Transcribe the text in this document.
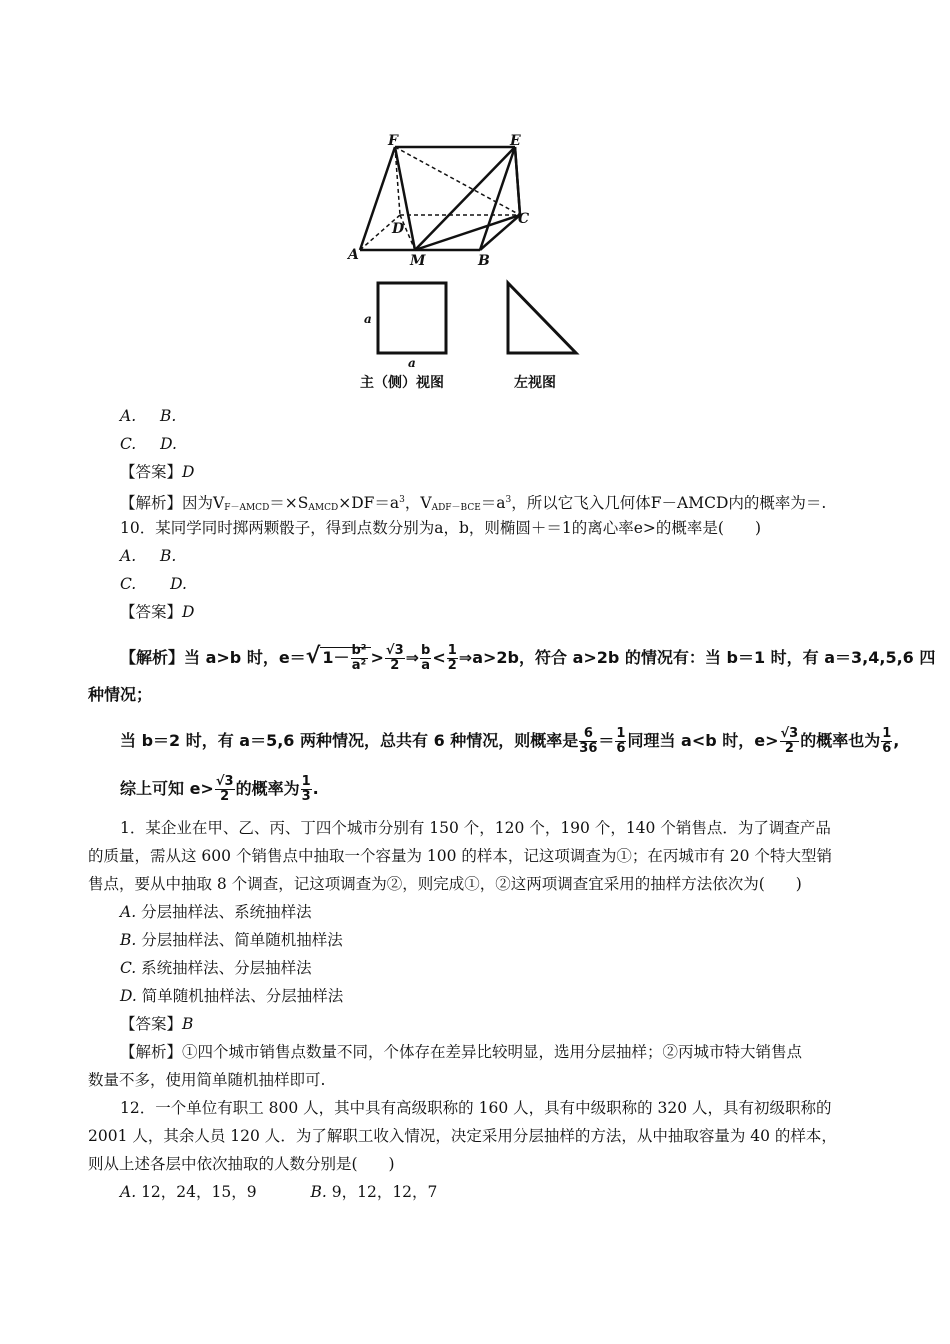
F	E
D
C
A	M	B
a
a
主（侧）视图	左视图
A. B.
C. D.
【答案】D
【解析】因为$V_{F-AMCD}=\times S_{AMCD}\times DF=a^3$，$V_{ADF-BCE}=a^3$，所以它飞入几何体F－AMCD内的概率为＝.
10．某同学同时掷两颗骰子，得到点数分别为a，b，则椭圆＋＝1的离心率e>的概率是(　　)
A. B.
C. D.
【答案】D
【解析】当 a>b 时，e＝√ $1- \frac{\text{b²}}{\text{a²}} > \frac{√3}{2}$ ⇒ $\frac{b}{a} < \frac{1}{2}$ ⇒a>2b，符合 a>2b 的情况有：当 b＝1 时，有 a＝3,4,5,6 四
种情况；
当 b＝2 时，有 a＝5,6 两种情况，总共有 6 种情况，则概率是 $\frac{6}{36} = \frac{1}{6}$ 同理当 a<b 时，$e> \frac{√3}{2}$ 的概率也为 $\frac{1}{6}$ ,
综上可知 $e> \frac{√3}{2}$ 的概率为 $\frac{1}{3}$ .
1．某企业在甲、乙、丙、丁四个城市分别有 150 个，120 个，190 个，140 个销售点．为了调查产品
的质量，需从这 600 个销售点中抽取一个容量为 100 的样本，记这项调查为①；在丙城市有 20 个特大型销
售点，要从中抽取 8 个调查，记这项调查为②，则完成①，②这两项调查宜采用的抽样方法依次为(　　)
A. 分层抽样法、系统抽样法
B. 分层抽样法、简单随机抽样法
C. 系统抽样法、分层抽样法
D. 简单随机抽样法、分层抽样法
【答案】B
【解析】①四个城市销售点数量不同，个体存在差异比较明显，选用分层抽样；②丙城市特大销售点
数量不多，使用简单随机抽样即可.
12．一个单位有职工 800 人，其中具有高级职称的 160 人，具有中级职称的 320 人，具有初级职称的
2001 人，其余人员 120 人．为了解职工收入情况，决定采用分层抽样的方法，从中抽取容量为 40 的样本，
则从上述各层中依次抽取的人数分别是(　　)
A. 12，24，15，9	B. 9，12，12，7
